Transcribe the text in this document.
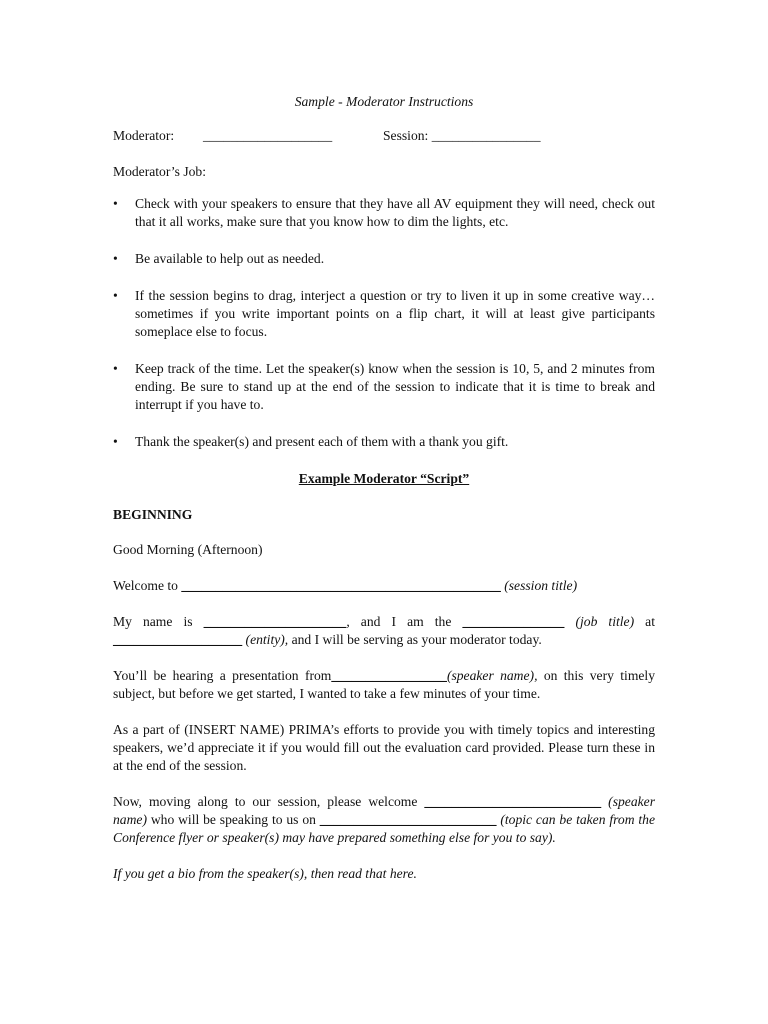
Sample - Moderator Instructions
Moderator:	___________________	Session: ________________
Moderator’s Job:
• Check with your speakers to ensure that they have all AV equipment they will need, check out that it all works, make sure that you know how to dim the lights, etc.
• Be available to help out as needed.
• If the session begins to drag, interject a question or try to liven it up in some creative way…sometimes if you write important points on a flip chart, it will at least give participants someplace else to focus.
• Keep track of the time. Let the speaker(s) know when the session is 10, 5, and 2 minutes from ending. Be sure to stand up at the end of the session to indicate that it is time to break and interrupt if you have to.
• Thank the speaker(s) and present each of them with a thank you gift.
Example Moderator “Script”
BEGINNING

Good Morning (Afternoon)

Welcome to _______________________________________________ (session title)

My name is _____________________, and I am the _______________ (job title) at ___________________ (entity), and I will be serving as your moderator today.

You’ll be hearing a presentation from_________________(speaker name), on this very timely subject, but before we get started, I wanted to take a few minutes of your time.

As a part of (INSERT NAME) PRIMA’s efforts to provide you with timely topics and interesting speakers, we’d appreciate it if you would fill out the evaluation card provided. Please turn these in at the end of the session.

Now, moving along to our session, please welcome __________________________ (speaker name) who will be speaking to us on __________________________ (topic can be taken from the Conference flyer or speaker(s) may have prepared something else for you to say).

If you get a bio from the speaker(s), then read that here.
